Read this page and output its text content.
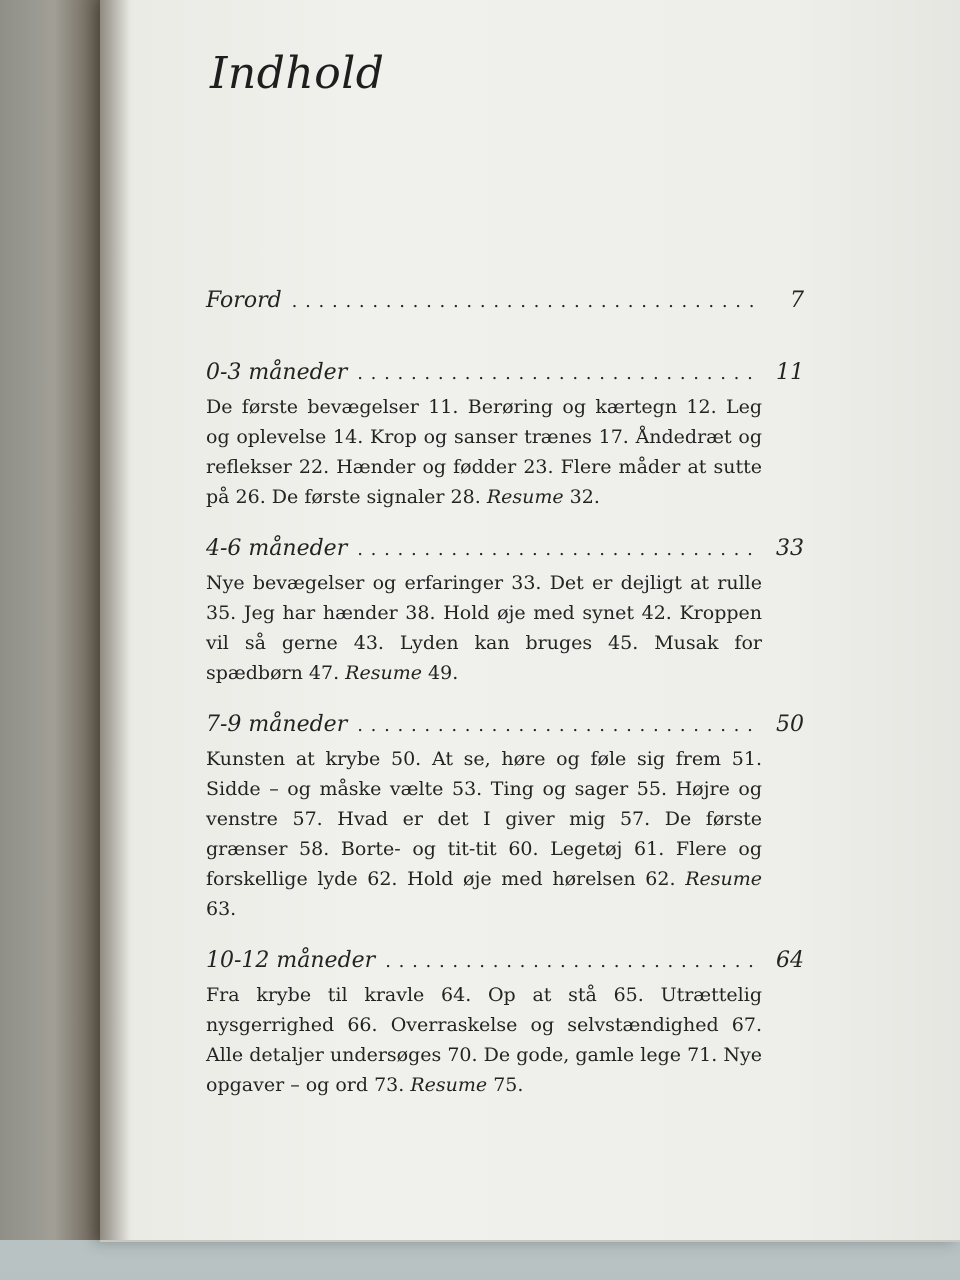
Indhold
Forord . . .	7
0-3 måneder . . .	11
De første bevægelser 11. Berøring og kærtegn 12. Leg og oplevelse 14. Krop og sanser trænes 17. Åndedræt og reflekser 22. Hænder og fødder 23. Flere måder at sutte på 26. De første signaler 28. Resume 32.
4-6 måneder . . .	33
Nye bevægelser og erfaringer 33. Det er dejligt at rulle 35. Jeg har hænder 38. Hold øje med synet 42. Kroppen vil så gerne 43. Lyden kan bruges 45. Musak for spædbørn 47. Resume 49.
7-9 måneder . . .	50
Kunsten at krybe 50. At se, høre og føle sig frem 51. Sidde – og måske vælte 53. Ting og sager 55. Højre og venstre 57. Hvad er det I giver mig 57. De første grænser 58. Borte- og tit-tit 60. Legetøj 61. Flere og forskellige lyde 62. Hold øje med hørelsen 62. Resume 63.
10-12 måneder . . .	64
Fra krybe til kravle 64. Op at stå 65. Utrættelig nysgerrighed 66. Overraskelse og selvstændighed 67. Alle detaljer undersøges 70. De gode, gamle lege 71. Nye opgaver – og ord 73. Resume 75.
